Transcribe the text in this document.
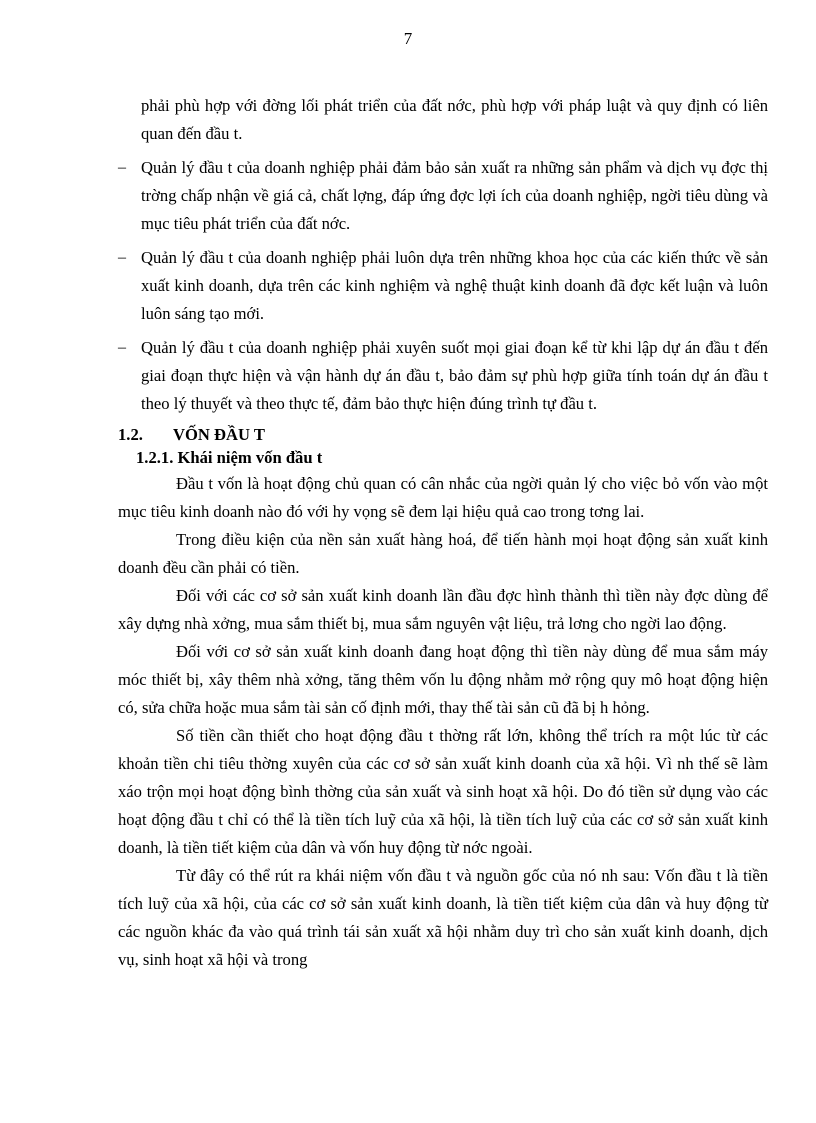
7

phải phù hợp với đờng lối phát triển của đất nớc, phù hợp với pháp luật và quy định có liên quan đến đầu t.

– Quản lý đầu t của doanh nghiệp phải đảm bảo sản xuất ra những sản phẩm và dịch vụ đợc thị trờng chấp nhận về giá cả, chất lợng, đáp ứng đợc lợi ích của doanh nghiệp, ngời tiêu dùng và mục tiêu phát triển của đất nớc.
– Quản lý đầu t của doanh nghiệp phải luôn dựa trên những khoa học của các kiến thức về sản xuất kinh doanh, dựa trên các kinh nghiệm và nghệ thuật kinh doanh đã đợc kết luận và luôn luôn sáng tạo mới.
– Quản lý đầu t của doanh nghiệp phải xuyên suốt mọi giai đoạn kể từ khi lập dự án đầu t đến giai đoạn thực hiện và vận hành dự án đầu t, bảo đảm sự phù hợp giữa tính toán dự án đầu t theo lý thuyết và theo thực tế, đảm bảo thực hiện đúng trình tự đầu t.
1.2. VỐN ĐẦU T
1.2.1. Khái niệm vốn đầu t

Đầu t vốn là hoạt động chủ quan có cân nhắc của ngời quản lý cho việc bỏ vốn vào một mục tiêu kinh doanh nào đó với hy vọng sẽ đem lại hiệu quả cao trong tơng lai.

Trong điều kiện của nền sản xuất hàng hoá, để tiến hành mọi hoạt động sản xuất kinh doanh đều cần phải có tiền.

Đối với các cơ sở sản xuất kinh doanh lần đầu đợc hình thành thì tiền này đợc dùng để xây dựng nhà xởng, mua sắm thiết bị, mua sắm nguyên vật liệu, trả lơng cho ngời lao động.

Đối với cơ sở sản xuất kinh doanh đang hoạt động thì tiền này dùng để mua sắm máy móc thiết bị, xây thêm nhà xởng, tăng thêm vốn lu động nhằm mở rộng quy mô hoạt động hiện có, sửa chữa hoặc mua sắm tài sản cố định mới, thay thế tài sản cũ đã bị h hỏng.

Số tiền cần thiết cho hoạt động đầu t thờng rất lớn, không thể trích ra một lúc từ các khoản tiền chi tiêu thờng xuyên của các cơ sở sản xuất kinh doanh của xã hội. Vì nh thế sẽ làm xáo trộn mọi hoạt động bình thờng của sản xuất và sinh hoạt xã hội. Do đó tiền sử dụng vào các hoạt động đầu t chỉ có thể là tiền tích luỹ của xã hội, là tiền tích luỹ của các cơ sở sản xuất kinh doanh, là tiền tiết kiệm của dân và vốn huy động từ nớc ngoài.

Từ đây có thể rút ra khái niệm vốn đầu t và nguồn gốc của nó nh sau: Vốn đầu t là tiền tích luỹ của xã hội, của các cơ sở sản xuất kinh doanh, là tiền tiết kiệm của dân và huy động từ các nguồn khác đa vào quá trình tái sản xuất xã hội nhằm duy trì cho sản xuất kinh doanh, dịch vụ, sinh hoạt xã hội và trong
